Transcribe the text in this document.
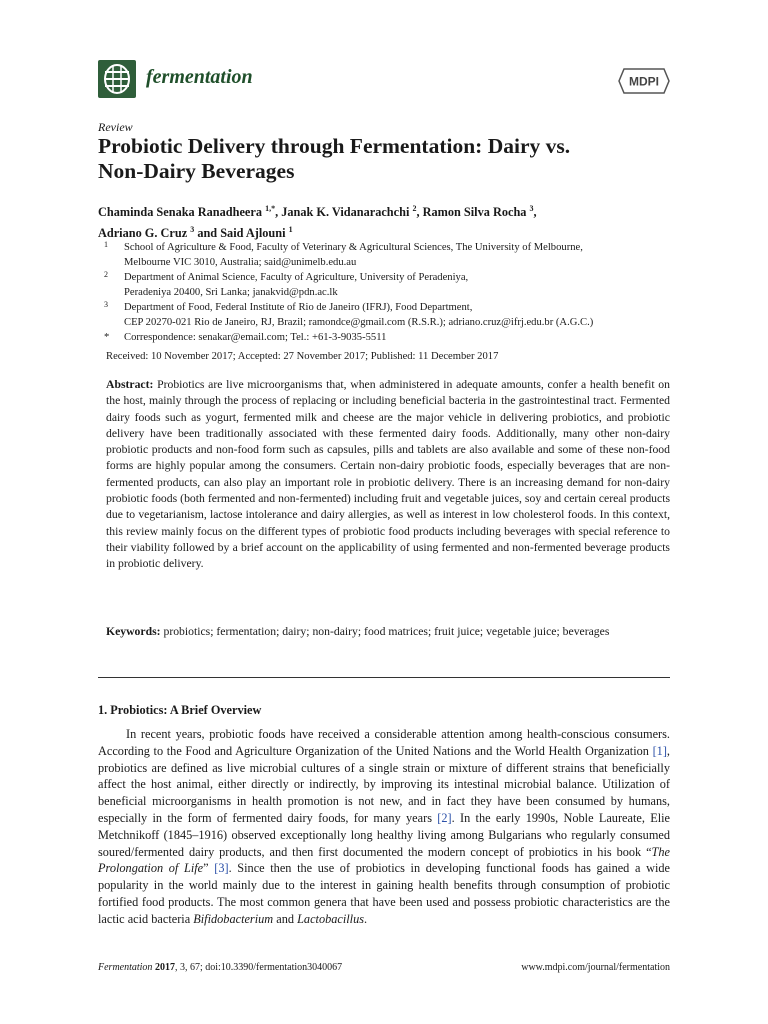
fermentation	MDPI
Review
Probiotic Delivery through Fermentation: Dairy vs.
Non-Dairy Beverages
Chaminda Senaka Ranadheera $^{1,*}$, Janak K. Vidanarachchi $^2$, Ramon Silva Rocha $^3$,
Adriano G. Cruz $^3$ and Said Ajlouni $^1$
1 School of Agriculture & Food, Faculty of Veterinary & Agricultural Sciences, The University of Melbourne,
Melbourne VIC 3010, Australia; said@unimelb.edu.au
2 Department of Animal Science, Faculty of Agriculture, University of Peradeniya,
Peradeniya 20400, Sri Lanka; janakvid@pdn.ac.lk
3 Department of Food, Federal Institute of Rio de Janeiro (IFRJ), Food Department,
CEP 20270-021 Rio de Janeiro, RJ, Brazil; ramondce@gmail.com (R.S.R.); adriano.cruz@ifrj.edu.br (A.G.C.)
* Correspondence: senakar@email.com; Tel.: +61-3-9035-5511
Received: 10 November 2017; Accepted: 27 November 2017; Published: 11 December 2017
Abstract: Probiotics are live microorganisms that, when administered in adequate amounts, confer a health benefit on the host, mainly through the process of replacing or including beneficial bacteria in the gastrointestinal tract. Fermented dairy foods such as yogurt, fermented milk and cheese are the major vehicle in delivering probiotics, and probiotic delivery have been traditionally associated with these fermented dairy foods. Additionally, many other non-dairy probiotic products and non-food form such as capsules, pills and tablets are also available and some of these non-food forms are highly popular among the consumers. Certain non-dairy probiotic foods, especially beverages that are non-fermented products, can also play an important role in probiotic delivery. There is an increasing demand for non-dairy probiotic foods (both fermented and non-fermented) including fruit and vegetable juices, soy and certain cereal products due to vegetarianism, lactose intolerance and dairy allergies, as well as interest in low cholesterol foods. In this context, this review mainly focus on the different types of probiotic food products including beverages with special reference to their viability followed by a brief account on the applicability of using fermented and non-fermented beverage products in probiotic delivery.
Keywords: probiotics; fermentation; dairy; non-dairy; food matrices; fruit juice; vegetable juice; beverages
1. Probiotics: A Brief Overview

In recent years, probiotic foods have received a considerable attention among health-conscious consumers. According to the Food and Agriculture Organization of the United Nations and the World Health Organization [1], probiotics are defined as live microbial cultures of a single strain or mixture of different strains that beneficially affect the host animal, either directly or indirectly, by improving its intestinal microbial balance. Utilization of beneficial microorganisms in health promotion is not new, and in fact they have been consumed by humans, especially in the form of fermented dairy foods, for many years [2]. In the early 1990s, Noble Laureate, Elie Metchnikoff (1845–1916) observed exceptionally long healthy living among Bulgarians who regularly consumed soured/fermented dairy products, and then first documented the modern concept of probiotics in his book “The Prolongation of Life” [3]. Since then the use of probiotics in developing functional foods has gained a wide popularity in the world mainly due to the interest in gaining health benefits through consumption of probiotic fortified food products. The most common genera that have been used and possess probiotic characteristics are the lactic acid bacteria Bifidobacterium and Lactobacillus.

Fermentation 2017, 3, 67; doi:10.3390/fermentation3040067	www.mdpi.com/journal/fermentation
